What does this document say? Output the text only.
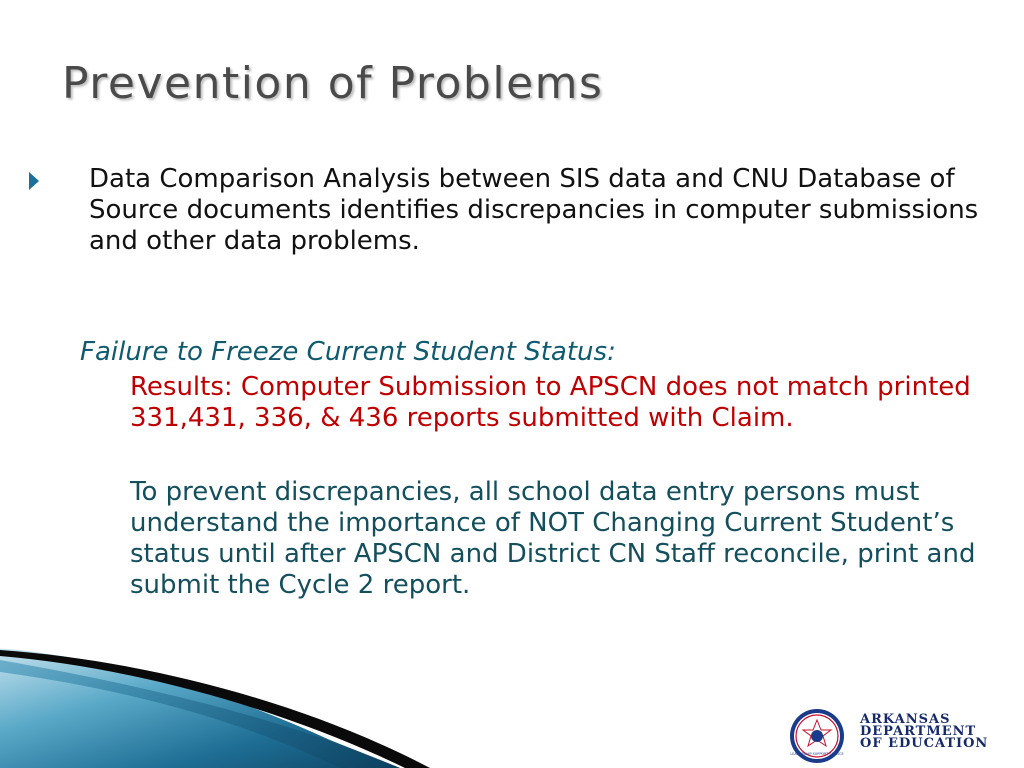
Prevention of Problems

Data Comparison Analysis between SIS data and CNU Database of Source documents identifies discrepancies in computer submissions and other data problems.

Failure to Freeze Current Student Status:

Results: Computer Submission to APSCN does not match printed 331,431, 336, & 436 reports submitted with Claim.

To prevent discrepancies, all school data entry persons must understand the importance of NOT Changing Current Student’s status until after APSCN and District CN Staff reconcile, print and submit the Cycle 2 report.

LEADERSHIP SUPPORT SERVICE
ARKANSAS
DEPARTMENT
OF EDUCATION
